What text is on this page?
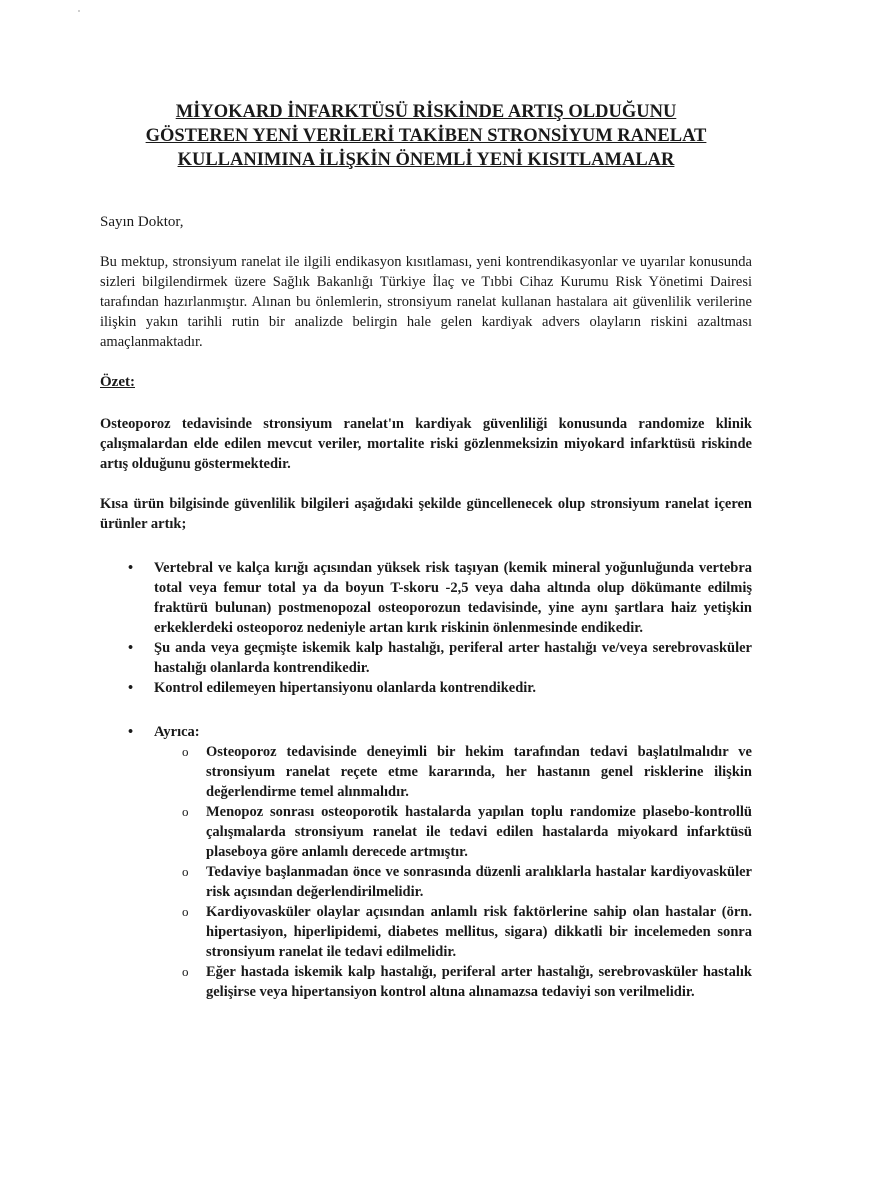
MİYOKARD İNFARKTÜSÜ RİSKİNDE ARTIŞ OLDUĞUNU
GÖSTEREN YENİ VERİLERİ TAKİBEN STRONSİYUM RANELAT
KULLANIMINA İLİŞKİN ÖNEMLİ YENİ KISITLAMALAR
Sayın Doktor,

Bu mektup, stronsiyum ranelat ile ilgili endikasyon kısıtlaması, yeni kontrendikasyonlar ve uyarılar konusunda sizleri bilgilendirmek üzere Sağlık Bakanlığı Türkiye İlaç ve Tıbbi Cihaz Kurumu Risk Yönetimi Dairesi tarafından hazırlanmıştır. Alınan bu önlemlerin, stronsiyum ranelat kullanan hastalara ait güvenlilik verilerine ilişkin yakın tarihli rutin bir analizde belirgin hale gelen kardiyak advers olayların riskini azaltması amaçlanmaktadır.

Özet:

Osteoporoz tedavisinde stronsiyum ranelat'ın kardiyak güvenliliği konusunda randomize klinik çalışmalardan elde edilen mevcut veriler, mortalite riski gözlenmeksizin miyokard infarktüsü riskinde artış olduğunu göstermektedir.

Kısa ürün bilgisinde güvenlilik bilgileri aşağıdaki şekilde güncellenecek olup stronsiyum ranelat içeren ürünler artık;

• Vertebral ve kalça kırığı açısından yüksek risk taşıyan (kemik mineral yoğunluğunda vertebra total veya femur total ya da boyun T-skoru -2,5 veya daha altında olup dökümante edilmiş fraktürü bulunan) postmenopozal osteoporozun tedavisinde, yine aynı şartlara haiz yetişkin erkeklerdeki osteoporoz nedeniyle artan kırık riskinin önlenmesinde endikedir.
• Şu anda veya geçmişte iskemik kalp hastalığı, periferal arter hastalığı ve/veya serebrovasküler hastalığı olanlarda kontrendikedir.
• Kontrol edilemeyen hipertansiyonu olanlarda kontrendikedir.
• Ayrıca:
o Osteoporoz tedavisinde deneyimli bir hekim tarafından tedavi başlatılmalıdır ve stronsiyum ranelat reçete etme kararında, her hastanın genel risklerine ilişkin değerlendirme temel alınmalıdır.
o Menopoz sonrası osteoporotik hastalarda yapılan toplu randomize plasebo-kontrollü çalışmalarda stronsiyum ranelat ile tedavi edilen hastalarda miyokard infarktüsü plaseboya göre anlamlı derecede artmıştır.
o Tedaviye başlanmadan önce ve sonrasında düzenli aralıklarla hastalar kardiyovasküler risk açısından değerlendirilmelidir.
o Kardiyovasküler olaylar açısından anlamlı risk faktörlerine sahip olan hastalar (örn. hipertasiyon, hiperlipidemi, diabetes mellitus, sigara) dikkatli bir incelemeden sonra stronsiyum ranelat ile tedavi edilmelidir.
o Eğer hastada iskemik kalp hastalığı, periferal arter hastalığı, serebrovasküler hastalık gelişirse veya hipertansiyon kontrol altına alınamazsa tedaviyi son verilmelidir.
